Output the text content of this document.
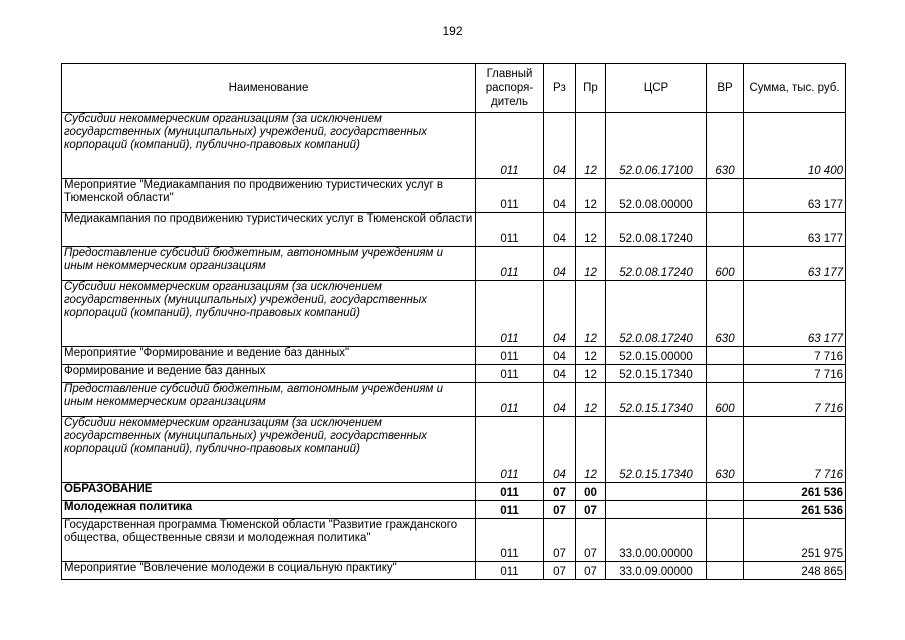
192
Наименование	Главный распоря-дитель	Рз	Пр	ЦСР	ВР	Сумма, тыс. руб.
Субсидии некоммерческим организациям (за исключением государственных (муниципальных) учреждений, государственных корпораций (компаний), публично-правовых компаний)	011	04	12	52.0.06.17100	630	10 400
Мероприятие "Медиакампания по продвижению туристических услуг в Тюменской области"	011	04	12	52.0.08.00000		63 177
Медиакампания по продвижению туристических услуг в Тюменской области	011	04	12	52.0.08.17240		63 177
Предоставление субсидий бюджетным, автономным учреждениям и иным некоммерческим организациям	011	04	12	52.0.08.17240	600	63 177
Субсидии некоммерческим организациям (за исключением государственных (муниципальных) учреждений, государственных корпораций (компаний), публично-правовых компаний)	011	04	12	52.0.08.17240	630	63 177
Мероприятие "Формирование и ведение баз данных"	011	04	12	52.0.15.00000		7 716
Формирование и ведение баз данных	011	04	12	52.0.15.17340		7 716
Предоставление субсидий бюджетным, автономным учреждениям и иным некоммерческим организациям	011	04	12	52.0.15.17340	600	7 716
Субсидии некоммерческим организациям (за исключением государственных (муниципальных) учреждений, государственных корпораций (компаний), публично-правовых компаний)	011	04	12	52.0.15.17340	630	7 716
ОБРАЗОВАНИЕ	011	07	00			261 536
Молодежная политика	011	07	07			261 536
Государственная программа Тюменской области "Развитие гражданского общества, общественные связи и молодежная политика"	011	07	07	33.0.00.00000		251 975
Мероприятие "Вовлечение молодежи в социальную практику"	011	07	07	33.0.09.00000		248 865
